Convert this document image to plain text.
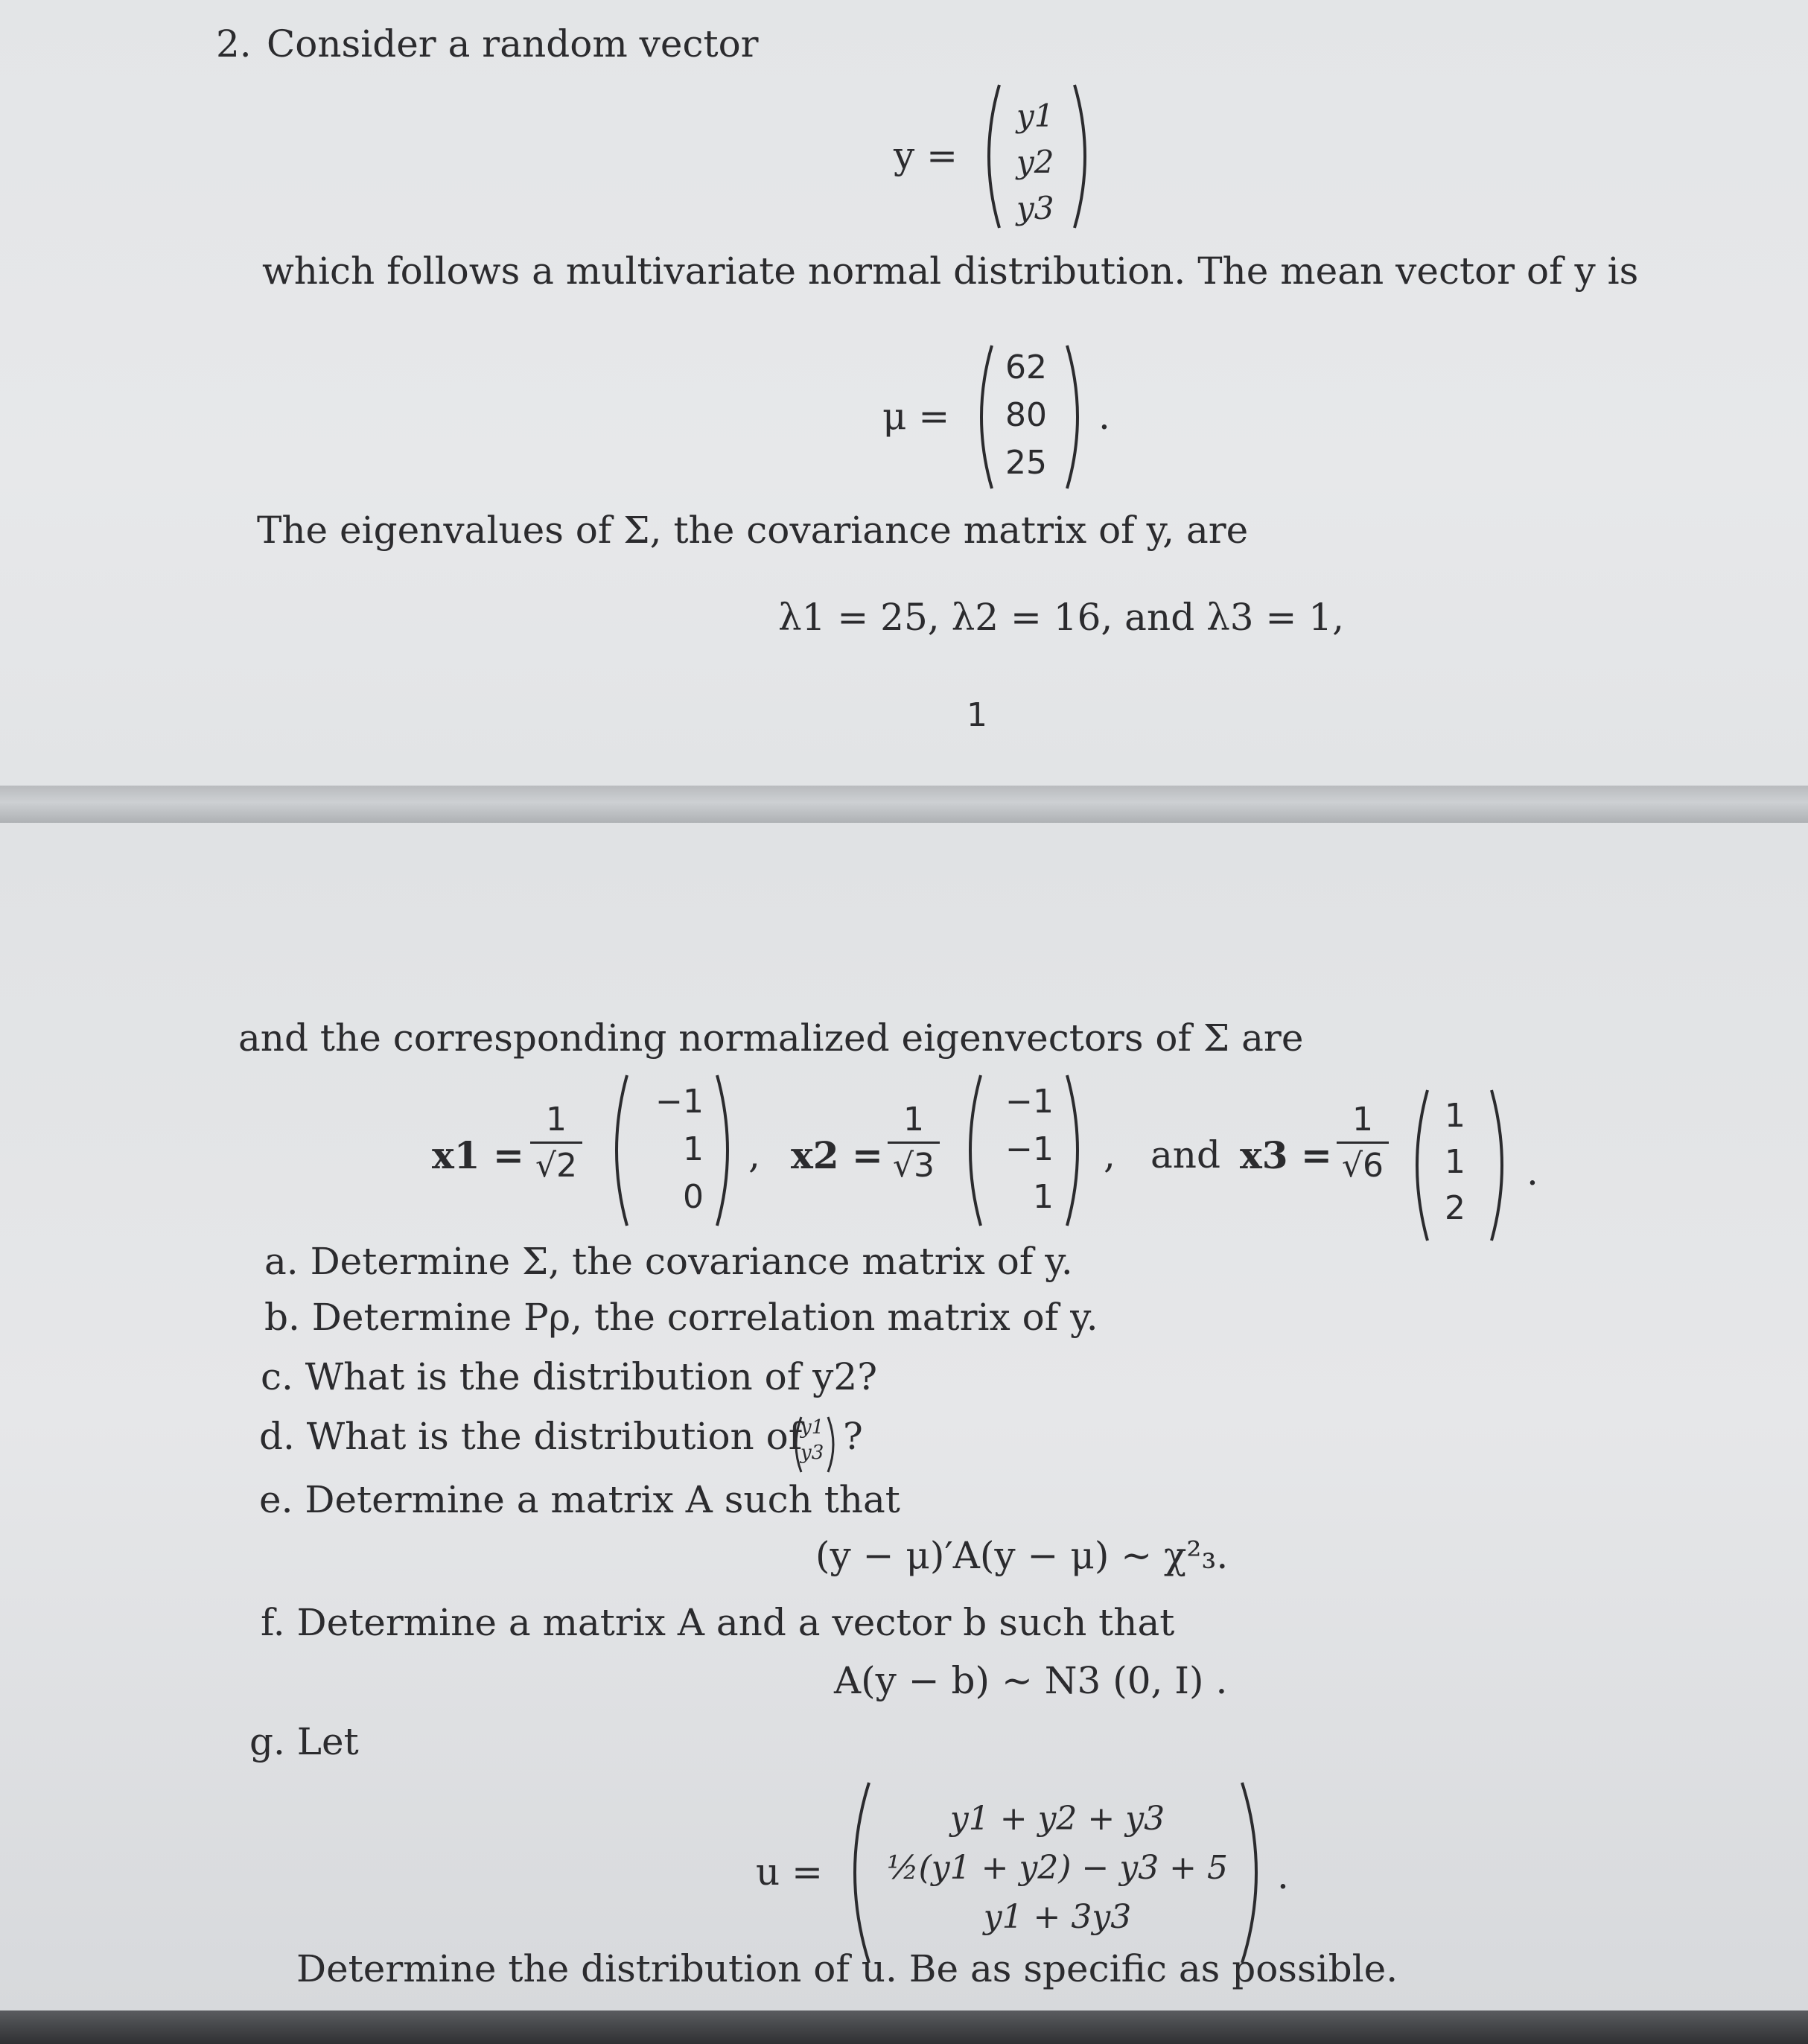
2. Consider a random vector
y =
y1
y2
y3
which follows a multivariate normal distribution. The mean vector of y is
μ =
62
80
25
.
The eigenvalues of Σ, the covariance matrix of y, are
λ1 = 25, λ2 = 16, and λ3 = 1,
1
and the corresponding normalized eigenvectors of Σ are
x1 =
1
√2
−1
1
0
, x2 =
1
√3
−1
−1
1
, and x3 =
1
√6
1
1
2
.
a. Determine Σ, the covariance matrix of y.
b. Determine Pρ, the correlation matrix of y.
c. What is the distribution of y2?
d. What is the distribution of
y1
y3 ?
e. Determine a matrix A such that
(y − μ)′A(y − μ) ~ χ²₃.
f. Determine a matrix A and a vector b such that
A(y − b) ~ N3 (0, I) .
g. Let
u =
y1 + y2 + y3
½(y1 + y2) − y3 + 5
y1 + 3y3
.
Determine the distribution of u. Be as specific as possible.
